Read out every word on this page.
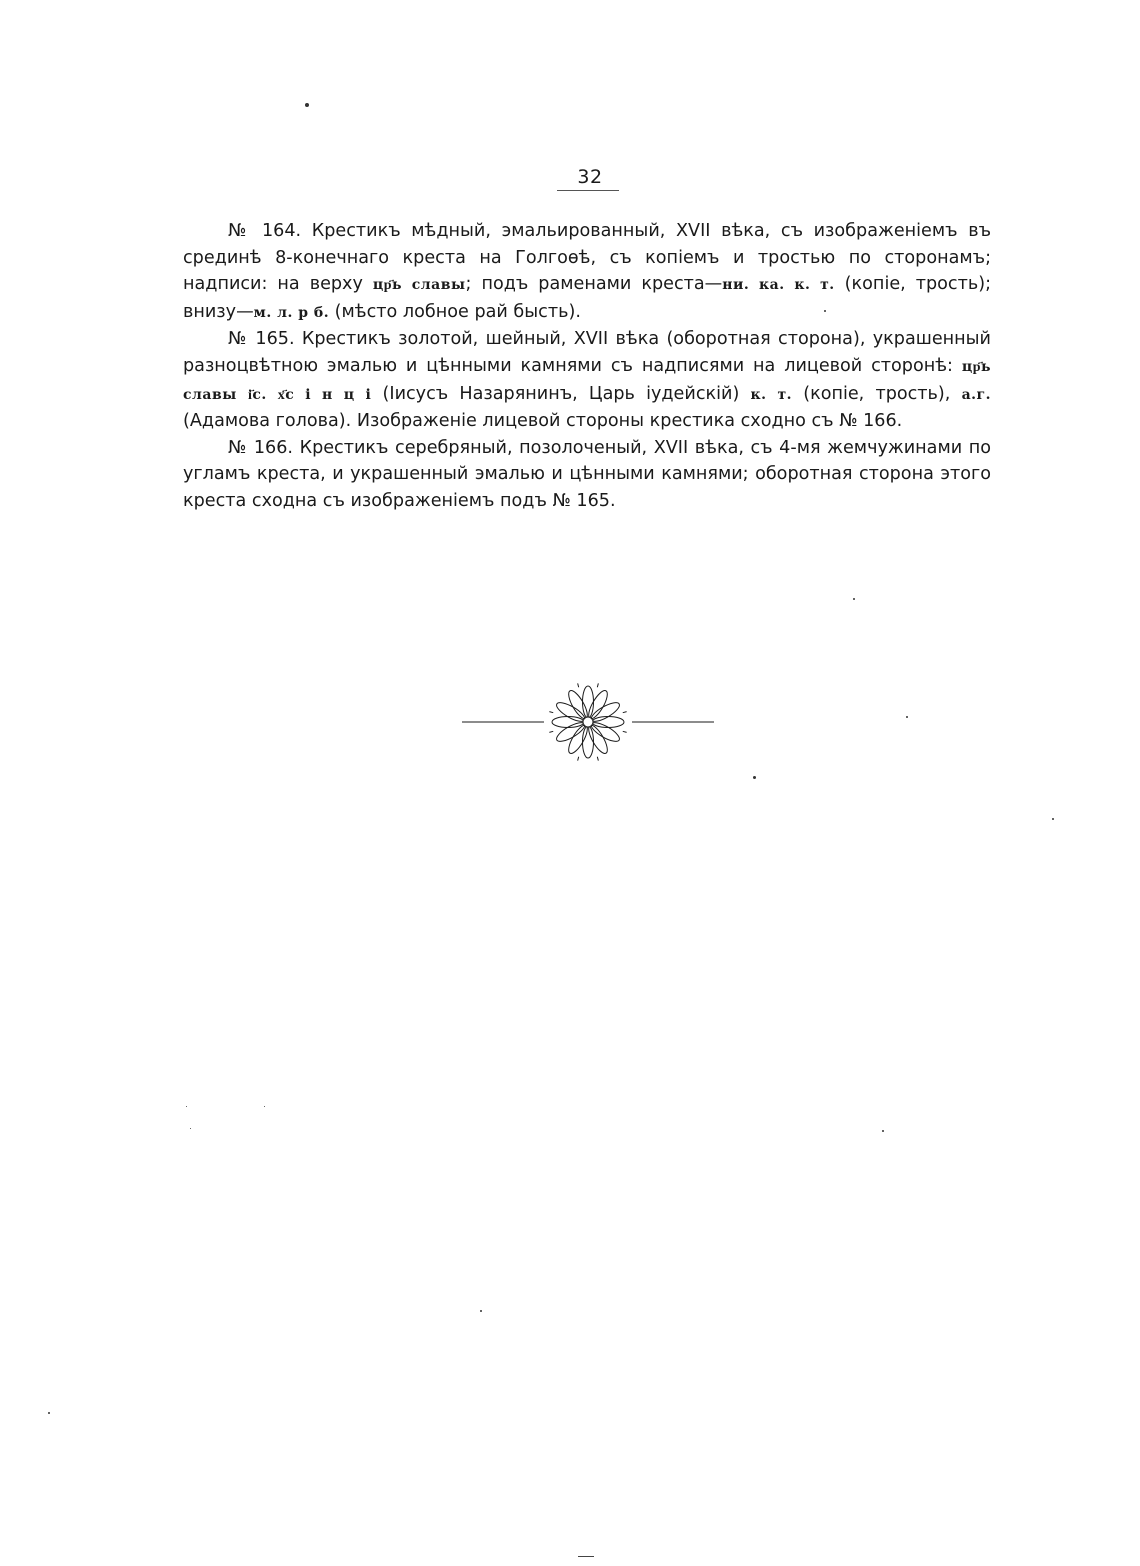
32

№ 164. Крестикъ мѣдный, эмальированный, XVII вѣка, съ изображенiемъ въ срединѣ 8-конечнаго креста на Голгоѳѣ, съ копiемъ и тростью по сторонамъ; надписи: на верху цр҃ь славы; подъ раменами креста—ни. ка. к. т. (копiе, трость); внизу—м. л. р б. (мѣсто лобное рай бысть).

№ 165. Крестикъ золотой, шейный, XVII вѣка (оборотная сторона), украшенный разноцвѣтною эмалью и цѣнными камнями съ надписями на лицевой сторонѣ: цр҃ь славы і҃с. х҃с і н ц і (Iисусъ Назарянинъ, Царь iудейскiй) к. т. (копiе, трость), а.г. (Адамова голова). Изображенiе лицевой стороны крестика сходно съ № 166.

№ 166. Крестикъ серебряный, позолоченый, XVII вѣка, съ 4-мя жемчужинами по угламъ креста, и украшенный эмалью и цѣнными камнями; оборотная сторона этого креста сходна съ изображенiемъ подъ № 165.
